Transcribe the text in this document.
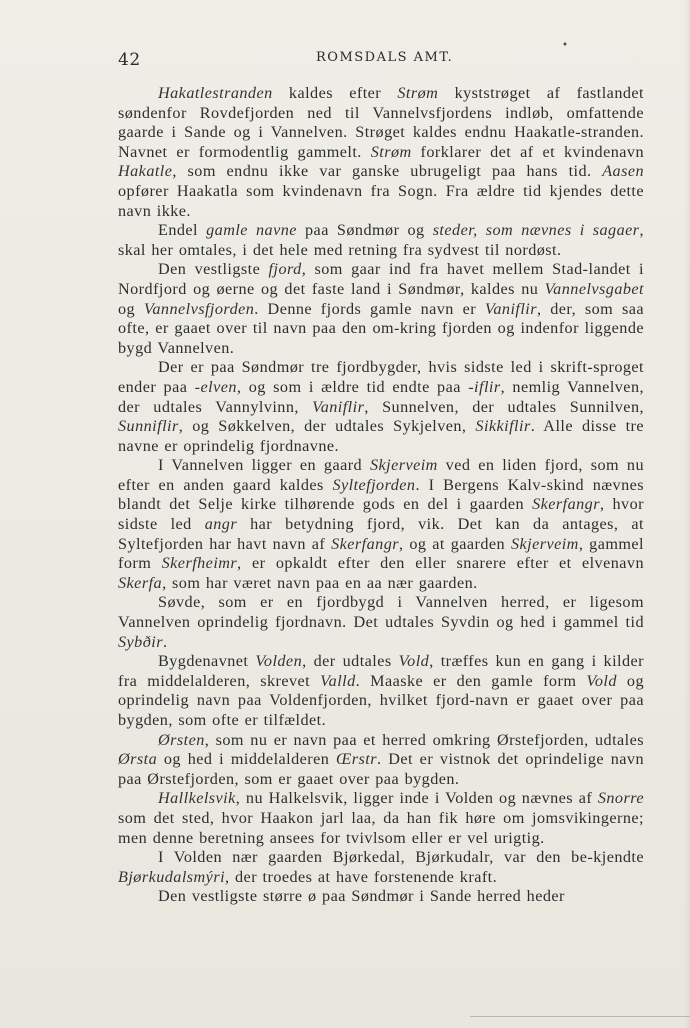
42	ROMSDALS AMT.
•

Hakatlestranden kaldes efter Strøm kyststrøget af fastlandet søndenfor Rovdefjorden ned til Vannelvsfjordens indløb, omfattende gaarde i Sande og i Vannelven. Strøget kaldes endnu Haakatle-stranden. Navnet er formodentlig gammelt. Strøm forklarer det af et kvindenavn Hakatle, som endnu ikke var ganske ubrugeligt paa hans tid. Aasen opfører Haakatla som kvindenavn fra Sogn. Fra ældre tid kjendes dette navn ikke.

Endel gamle navne paa Søndmør og steder, som nævnes i sagaer, skal her omtales, i det hele med retning fra sydvest til nordøst.

Den vestligste fjord, som gaar ind fra havet mellem Stad-landet i Nordfjord og øerne og det faste land i Søndmør, kaldes nu Vannelvsgabet og Vannelvsfjorden. Denne fjords gamle navn er Vaniflir, der, som saa ofte, er gaaet over til navn paa den om-kring fjorden og indenfor liggende bygd Vannelven.

Der er paa Søndmør tre fjordbygder, hvis sidste led i skrift-sproget ender paa -elven, og som i ældre tid endte paa -iflir, nemlig Vannelven, der udtales Vannylvinn, Vaniflir, Sunnelven, der udtales Sunnilven, Sunniflir, og Søkkelven, der udtales Sykjelven, Sikkiflir. Alle disse tre navne er oprindelig fjordnavne.

I Vannelven ligger en gaard Skjerveim ved en liden fjord, som nu efter en anden gaard kaldes Syltefjorden. I Bergens Kalv-skind nævnes blandt det Selje kirke tilhørende gods en del i gaarden Skerfangr, hvor sidste led angr har betydning fjord, vik. Det kan da antages, at Syltefjorden har havt navn af Skerfangr, og at gaarden Skjerveim, gammel form Skerfheimr, er opkaldt efter den eller snarere efter et elvenavn Skerfa, som har været navn paa en aa nær gaarden.

Søvde, som er en fjordbygd i Vannelven herred, er ligesom Vannelven oprindelig fjordnavn. Det udtales Syvdin og hed i gammel tid Sybðir.

Bygdenavnet Volden, der udtales Vold, træffes kun en gang i kilder fra middelalderen, skrevet Valld. Maaske er den gamle form Vold og oprindelig navn paa Voldenfjorden, hvilket fjord-navn er gaaet over paa bygden, som ofte er tilfældet.

Ørsten, som nu er navn paa et herred omkring Ørstefjorden, udtales Ørsta og hed i middelalderen Œrstr. Det er vistnok det oprindelige navn paa Ørstefjorden, som er gaaet over paa bygden.

Hallkelsvik, nu Halkelsvik, ligger inde i Volden og nævnes af Snorre som det sted, hvor Haakon jarl laa, da han fik høre om jomsvikingerne; men denne beretning ansees for tvivlsom eller er vel urigtig.

I Volden nær gaarden Bjørkedal, Bjørkudalr, var den be-kjendte Bjørkudalsmýri, der troedes at have forstenende kraft.

Den vestligste større ø paa Søndmør i Sande herred heder
